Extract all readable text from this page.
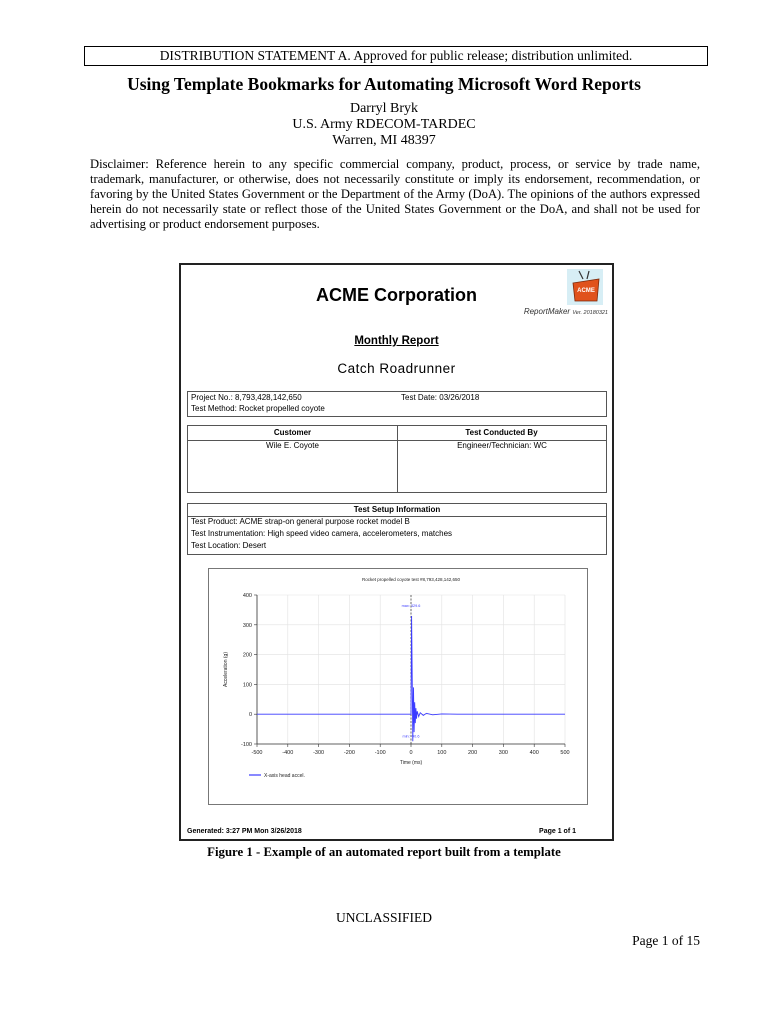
DISTRIBUTION STATEMENT A. Approved for public release; distribution unlimited.
Using Template Bookmarks for Automating Microsoft Word Reports
Darryl Bryk
U.S. Army RDECOM-TARDEC
Warren, MI 48397
Disclaimer: Reference herein to any specific commercial company, product, process, or service by trade name, trademark, manufacturer, or otherwise, does not necessarily constitute or imply its endorsement, recommendation, or favoring by the United States Government or the Department of the Army (DoA). The opinions of the authors expressed herein do not necessarily state or reflect those of the United States Government or the DoA, and shall not be used for advertising or product endorsement purposes.
ACME Corporation	ACME
ReportMaker Ver. 20180321
Monthly Report
Catch Roadrunner
Project No.: 8,793,428,142,650	Test Date: 03/26/2018
Test Method: Rocket propelled coyote
Customer	Test Conducted By
Wile E. Coyote	Engineer/Technician: WC
Test Setup Information
Test Product: ACME strap-on general purpose rocket model B
Test Instrumentation: High speed video camera, accelerometers, matches
Test Location: Desert
Rocket propelled coyote test #8,793,428,142,650
-500	-400	-300	-200	-100	0	100	200	300	400	500
-100
0
100
200
300
400
Time (ms)
Acceleration (g)
max: 329.6
min: -90.6
X-axis head accel.
Generated: 3:27 PM Mon 3/26/2018	Page 1 of 1
Figure 1 - Example of an automated report built from a template
UNCLASSIFIED
Page 1 of 15
